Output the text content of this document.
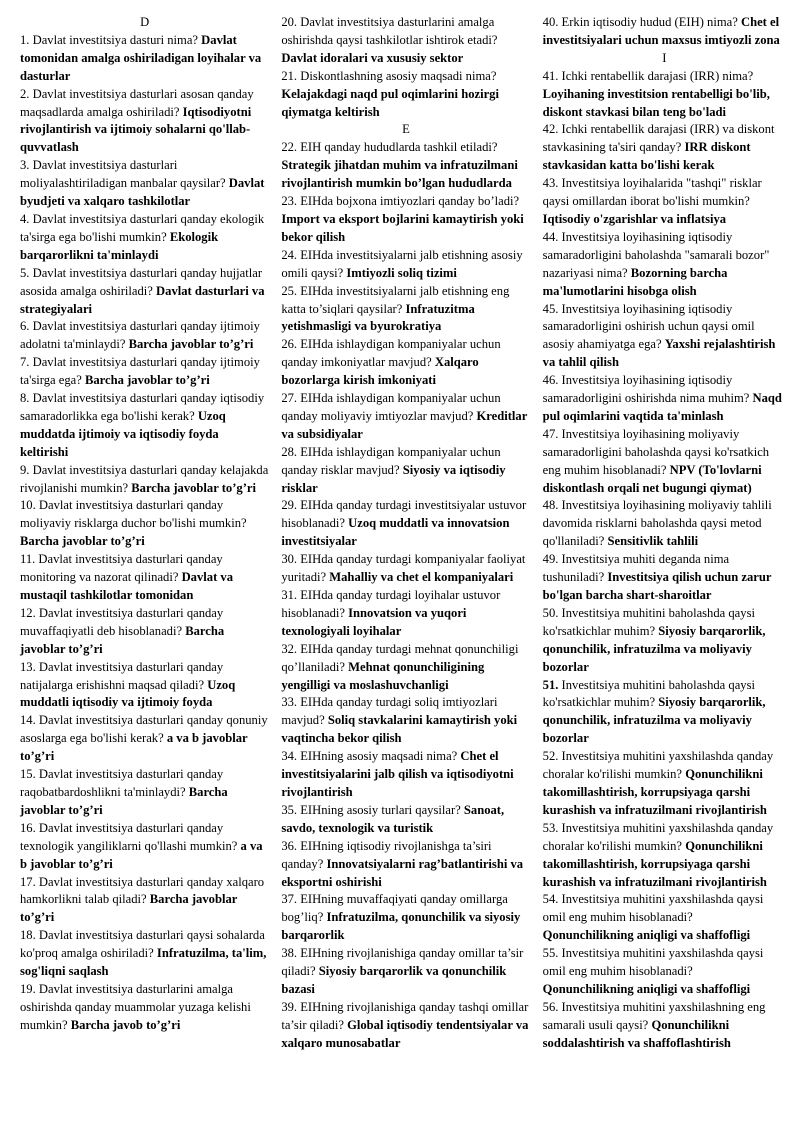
D

1. Davlat investitsiya dasturi nima? Davlat tomonidan amalga oshiriladigan loyihalar va dasturlar

2. Davlat investitsiya dasturlari asosan qanday maqsadlarda amalga oshiriladi? Iqtisodiyotni rivojlantirish va ijtimoiy sohalarni qo'llab-quvvatlash

3. Davlat investitsiya dasturlari moliyalashtiriladigan manbalar qaysilar? Davlat byudjeti va xalqaro tashkilotlar

4. Davlat investitsiya dasturlari qanday ekologik ta'sirga ega bo'lishi mumkin? Ekologik barqarorlikni ta'minlaydi

5. Davlat investitsiya dasturlari qanday hujjatlar asosida amalga oshiriladi? Davlat dasturlari va strategiyalari

6. Davlat investitsiya dasturlari qanday ijtimoiy adolatni ta'minlaydi? Barcha javoblar to’g’ri

7. Davlat investitsiya dasturlari qanday ijtimoiy ta'sirga ega? Barcha javoblar to’g’ri

8. Davlat investitsiya dasturlari qanday iqtisodiy samaradorlikka ega bo'lishi kerak? Uzoq muddatda ijtimoiy va iqtisodiy foyda keltirishi

9. Davlat investitsiya dasturlari qanday kelajakda rivojlanishi mumkin? Barcha javoblar to’g’ri

10. Davlat investitsiya dasturlari qanday moliyaviy risklarga duchor bo'lishi mumkin? Barcha javoblar to’g’ri

11. Davlat investitsiya dasturlari qanday monitoring va nazorat qilinadi? Davlat va mustaqil tashkilotlar tomonidan

12. Davlat investitsiya dasturlari qanday muvaffaqiyatli deb hisoblanadi? Barcha javoblar to’g’ri

13. Davlat investitsiya dasturlari qanday natijalarga erishishni maqsad qiladi? Uzoq muddatli iqtisodiy va ijtimoiy foyda

14. Davlat investitsiya dasturlari qanday qonuniy asoslarga ega bo'lishi kerak? a va b javoblar to’g’ri

15. Davlat investitsiya dasturlari qanday raqobatbardoshlikni ta'minlaydi? Barcha javoblar to’g’ri

16. Davlat investitsiya dasturlari qanday texnologik yangiliklarni qo'llashi mumkin? a va b javoblar to’g’ri

17. Davlat investitsiya dasturlari qanday xalqaro hamkorlikni talab qiladi? Barcha javoblar to’g’ri

18. Davlat investitsiya dasturlari qaysi sohalarda ko'proq amalga oshiriladi? Infratuzilma, ta'lim, sog'liqni saqlash

19. Davlat investitsiya dasturlarini amalga oshirishda qanday muammolar yuzaga kelishi mumkin? Barcha javob to’g’ri

20. Davlat investitsiya dasturlarini amalga oshirishda qaysi tashkilotlar ishtirok etadi? Davlat idoralari va xususiy sektor

21. Diskontlashning asosiy maqsadi nima? Kelajakdagi naqd pul oqimlarini hozirgi qiymatga keltirish

E

22. EIH qanday hududlarda tashkil etiladi? Strategik jihatdan muhim va infratuzilmani rivojlantirish mumkin bo’lgan hududlarda

23. EIHda bojxona imtiyozlari qanday bo’ladi? Import va eksport bojlarini kamaytirish yoki bekor qilish

24. EIHda investitsiyalarni jalb etishning asosiy omili qaysi? Imtiyozli soliq tizimi

25. EIHda investitsiyalarni jalb etishning eng katta to’siqlari qaysilar? Infratuzitma yetishmasligi va byurokratiya

26. EIHda ishlaydigan kompaniyalar uchun qanday imkoniyatlar mavjud? Xalqaro bozorlarga kirish imkoniyati

27. EIHda ishlaydigan kompaniyalar uchun qanday moliyaviy imtiyozlar mavjud? Kreditlar va subsidiyalar

28. EIHda ishlaydigan kompaniyalar uchun qanday risklar mavjud? Siyosiy va iqtisodiy risklar

29. EIHda qanday turdagi investitsiyalar ustuvor hisoblanadi? Uzoq muddatli va innovatsion investitsiyalar

30. EIHda qanday turdagi kompaniyalar faoliyat yuritadi? Mahalliy va chet el kompaniyalari

31. EIHda qanday turdagi loyihalar ustuvor hisoblanadi? Innovatsion va yuqori texnologiyali loyihalar

32. EIHda qanday turdagi mehnat qonunchiligi qo’llaniladi? Mehnat qonunchiligining yengilligi va moslashuvchanligi

33. EIHda qanday turdagi soliq imtiyozlari mavjud? Soliq stavkalarini kamaytirish yoki vaqtincha bekor qilish

34. EIHning asosiy maqsadi nima? Chet el investitsiyalarini jalb qilish va iqtisodiyotni rivojlantirish

35. EIHning asosiy turlari qaysilar? Sanoat, savdo, texnologik va turistik

36. EIHning iqtisodiy rivojlanishga ta’siri qanday? Innovatsiyalarni rag’batlantirishi va eksportni oshirishi

37. EIHning muvaffaqiyati qanday omillarga bog’liq? Infratuzilma, qonunchilik va siyosiy barqarorlik

38. EIHning rivojlanishiga qanday omillar ta’sir qiladi? Siyosiy barqarorlik va qonunchilik bazasi

39. EIHning rivojlanishiga qanday tashqi omillar ta’sir qiladi? Global iqtisodiy tendentsiyalar va xalqaro munosabatlar

40. Erkin iqtisodiy hudud (EIH) nima? Chet el investitsiyalari uchun maxsus imtiyozli zona

I

41. Ichki rentabellik darajasi (IRR) nima? Loyihaning investitsion rentabelligi bo'lib, diskont stavkasi bilan teng bo'ladi

42. Ichki rentabellik darajasi (IRR) va diskont stavkasining ta'siri qanday? IRR diskont stavkasidan katta bo'lishi kerak

43. Investitsiya loyihalarida "tashqi" risklar qaysi omillardan iborat bo'lishi mumkin? Iqtisodiy o'zgarishlar va inflatsiya

44. Investitsiya loyihasining iqtisodiy samaradorligini baholashda "samarali bozor" nazariyasi nima? Bozorning barcha ma'lumotlarini hisobga olish

45. Investitsiya loyihasining iqtisodiy samaradorligini oshirish uchun qaysi omil asosiy ahamiyatga ega? Yaxshi rejalashtirish va tahlil qilish

46. Investitsiya loyihasining iqtisodiy samaradorligini oshirishda nima muhim? Naqd pul oqimlarini vaqtida ta'minlash

47. Investitsiya loyihasining moliyaviy samaradorligini baholashda qaysi ko'rsatkich eng muhim hisoblanadi? NPV (To'lovlarni diskontlash orqali net bugungi qiymat)

48. Investitsiya loyihasining moliyaviy tahlili davomida risklarni baholashda qaysi metod qo'llaniladi? Sensitivlik tahlili

49. Investitsiya muhiti deganda nima tushuniladi? Investitsiya qilish uchun zarur bo'lgan barcha shart-sharoitlar

50. Investitsiya muhitini baholashda qaysi ko'rsatkichlar muhim? Siyosiy barqarorlik, qonunchilik, infratuzilma va moliyaviy bozorlar

51. Investitsiya muhitini baholashda qaysi ko'rsatkichlar muhim? Siyosiy barqarorlik, qonunchilik, infratuzilma va moliyaviy bozorlar

52. Investitsiya muhitini yaxshilashda qanday choralar ko'rilishi mumkin? Qonunchilikni takomillashtirish, korrupsiyaga qarshi kurashish va infratuzilmani rivojlantirish

53. Investitsiya muhitini yaxshilashda qanday choralar ko'rilishi mumkin? Qonunchilikni takomillashtirish, korrupsiyaga qarshi kurashish va infratuzilmani rivojlantirish

54. Investitsiya muhitini yaxshilashda qaysi omil eng muhim hisoblanadi? Qonunchilikning aniqligi va shaffofligi

55. Investitsiya muhitini yaxshilashda qaysi omil eng muhim hisoblanadi? Qonunchilikning aniqligi va shaffofligi

56. Investitsiya muhitini yaxshilashning eng samarali usuli qaysi? Qonunchilikni soddalashtirish va shaffoflashtirish
